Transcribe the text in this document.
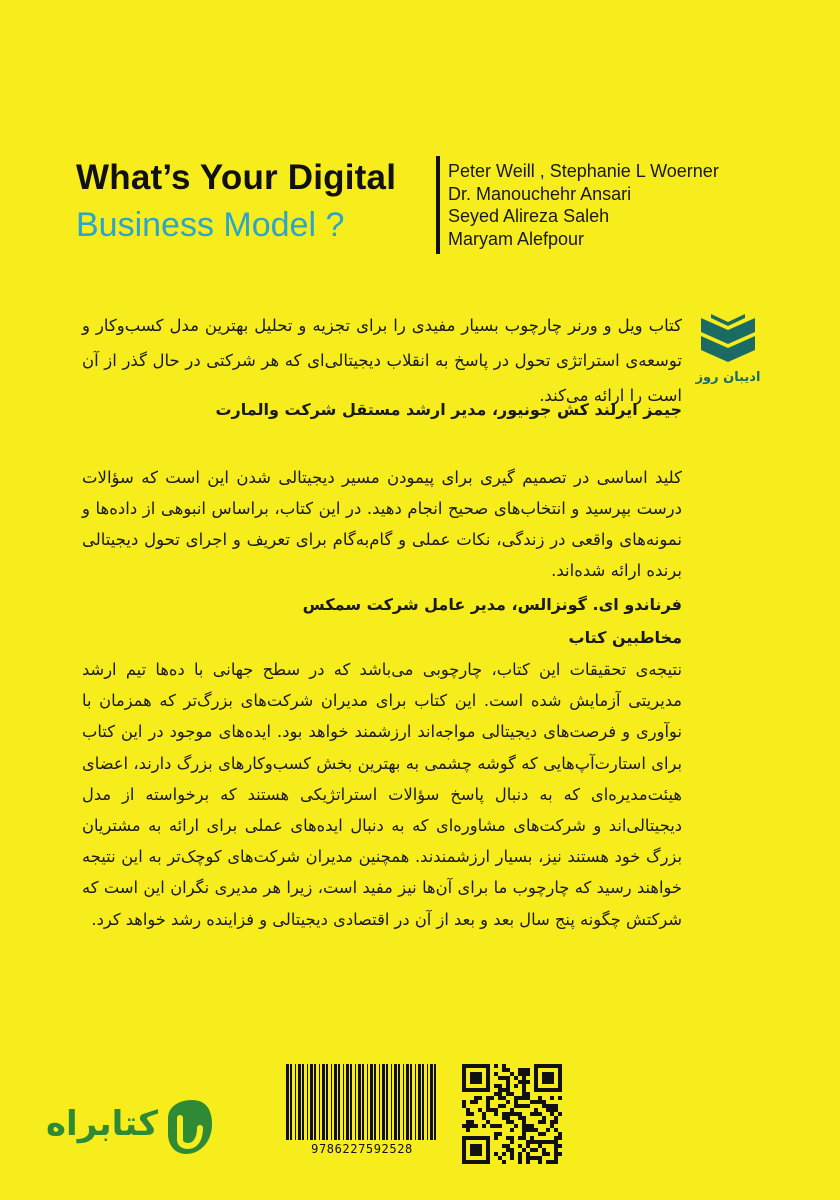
What’s Your Digital
Business Model ?
Peter Weill , Stephanie L Woerner
Dr. Manouchehr Ansari
Seyed Alireza Saleh
Maryam Alefpour
ادیبان روز
کتاب ویل و ورنر چارچوب بسیار مفیدی را برای تجزیه و تحلیل بهترین مدل کسب‌وکار و توسعه‌ی استراتژی تحول در پاسخ به انقلاب دیجیتالی‌ای که هر شرکتی در حال گذر از آن است را ارائه می‌کند.
جیمز ایرلند کش جونیور، مدیر ارشد مستقل شرکت والمارت
کلید اساسی در تصمیم گیری برای پیمودن مسیر دیجیتالی شدن این است که سؤالات درست بپرسید و انتخاب‌های صحیح انجام دهید. در این کتاب، براساس انبوهی از داده‌ها و نمونه‌های واقعی در زندگی، نکات عملی و گام‌به‌گام برای تعریف و اجرای تحول دیجیتالی برنده ارائه شده‌اند.
فرناندو ای. گونزالس، مدیر عامل شرکت سمکس
مخاطبین کتاب
نتیجه‌ی تحقیقات این کتاب، چارچوبی می‌باشد که در سطح جهانی با ده‌ها تیم ارشد مدیریتی آزمایش شده است. این کتاب برای مدیران شرکت‌های بزرگ‌تر که همزمان با نوآوری و فرصت‌های دیجیتالی مواجه‌اند ارزشمند خواهد بود. ایده‌های موجود در این کتاب برای استارت‌آپ‌هایی که گوشه چشمی به بهترین بخش کسب‌وکارهای بزرگ دارند، اعضای هیئت‌مدیره‌ای که به دنبال پاسخ سؤالات استراتژیکی هستند که برخواسته از مدل دیجیتالی‌اند و شرکت‌های مشاوره‌ای که به دنبال ایده‌های عملی برای ارائه به مشتریان بزرگ خود هستند نیز، بسیار ارزشمندند. همچنین مدیران شرکت‌های کوچک‌تر به این نتیجه خواهند رسید که چارچوب ما برای آن‌ها نیز مفید است، زیرا هر مدیری نگران این است که شرکتش چگونه پنج سال بعد و بعد از آن در اقتصادی دیجیتالی و فزاینده رشد خواهد کرد.
کتابراه
9786227592528
